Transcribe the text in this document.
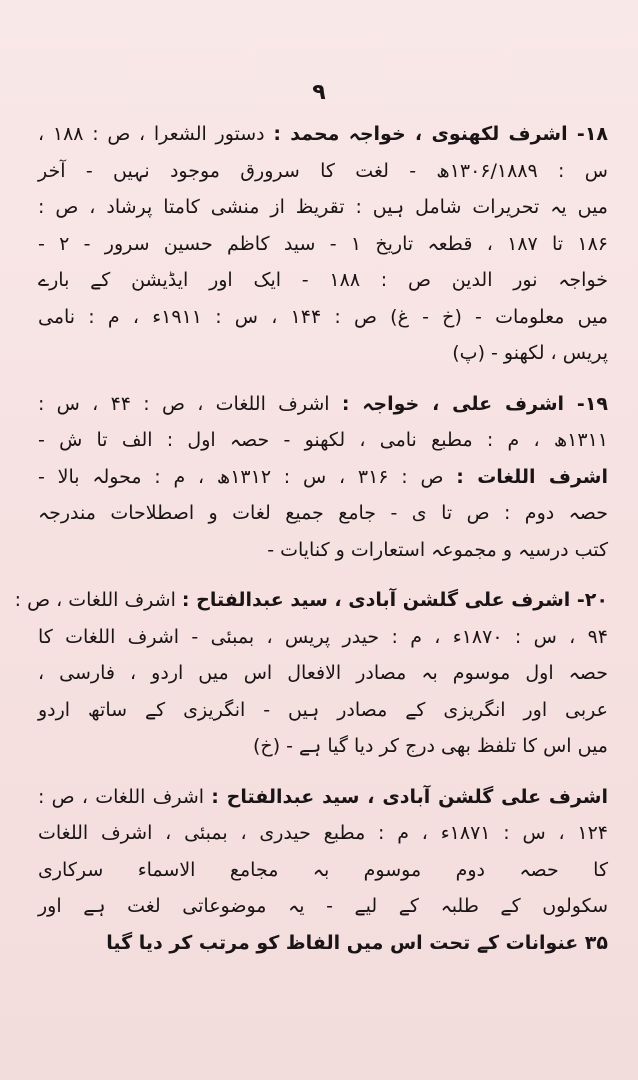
۹
۱۸- اشرف لکھنوی ، خواجہ محمد : دستور الشعرا ، ص : ۱۸۸ ،
س : ۱۳۰۶/۱۸۸۹ھ - لغت کا سرورق موجود نہیں - آخر
میں یہ تحریرات شامل ہیں : تقریظ از منشی کامتا پرشاد ، ص :
۱۸۶ تا ۱۸۷ ، قطعہ تاریخ ۱ - سید کاظم حسین سرور - ۲ -
خواجہ نور الدین ص : ۱۸۸ - ایک اور ایڈیشن کے بارے
میں معلومات - (خ - غ) ص : ۱۴۴ ، س : ۱۹۱۱ء ، م : نامی
پریس ، لکھنو - (پ)
۱۹- اشرف علی ، خواجہ : اشرف اللغات ، ص : ۴۴ ، س :
۱۳۱۱ھ ، م : مطبع نامی ، لکھنو - حصہ اول : الف تا ش -
اشرف اللغات : ص : ۳۱۶ ، س : ۱۳۱۲ھ ، م : محولہ بالا -
حصہ دوم : ص تا ی - جامع جمیع لغات و اصطلاحات مندرجہ
کتب درسیہ و مجموعہ استعارات و کنایات -
۲۰- اشرف علی گلشن آبادی ، سید عبدالفتاح : اشرف اللغات ، ص :
۹۴ ، س : ۱۸۷۰ء ، م : حیدر پریس ، بمبئی - اشرف اللغات کا
حصہ اول موسوم بہ مصادر الافعال اس میں اردو ، فارسی ،
عربی اور انگریزی کے مصادر ہیں - انگریزی کے ساتھ اردو
میں اس کا تلفظ بھی درج کر دیا گیا ہے - (خ)
اشرف علی گلشن آبادی ، سید عبدالفتاح : اشرف اللغات ، ص :
۱۲۴ ، س : ۱۸۷۱ء ، م : مطبع حیدری ، بمبئی ، اشرف اللغات
کا حصہ دوم موسوم بہ مجامع الاسماء سرکاری
سکولوں کے طلبہ کے لیے - یہ موضوعاتی لغت ہے اور
۳۵ عنوانات کے تحت اس میں الفاظ کو مرتب کر دیا گیا
